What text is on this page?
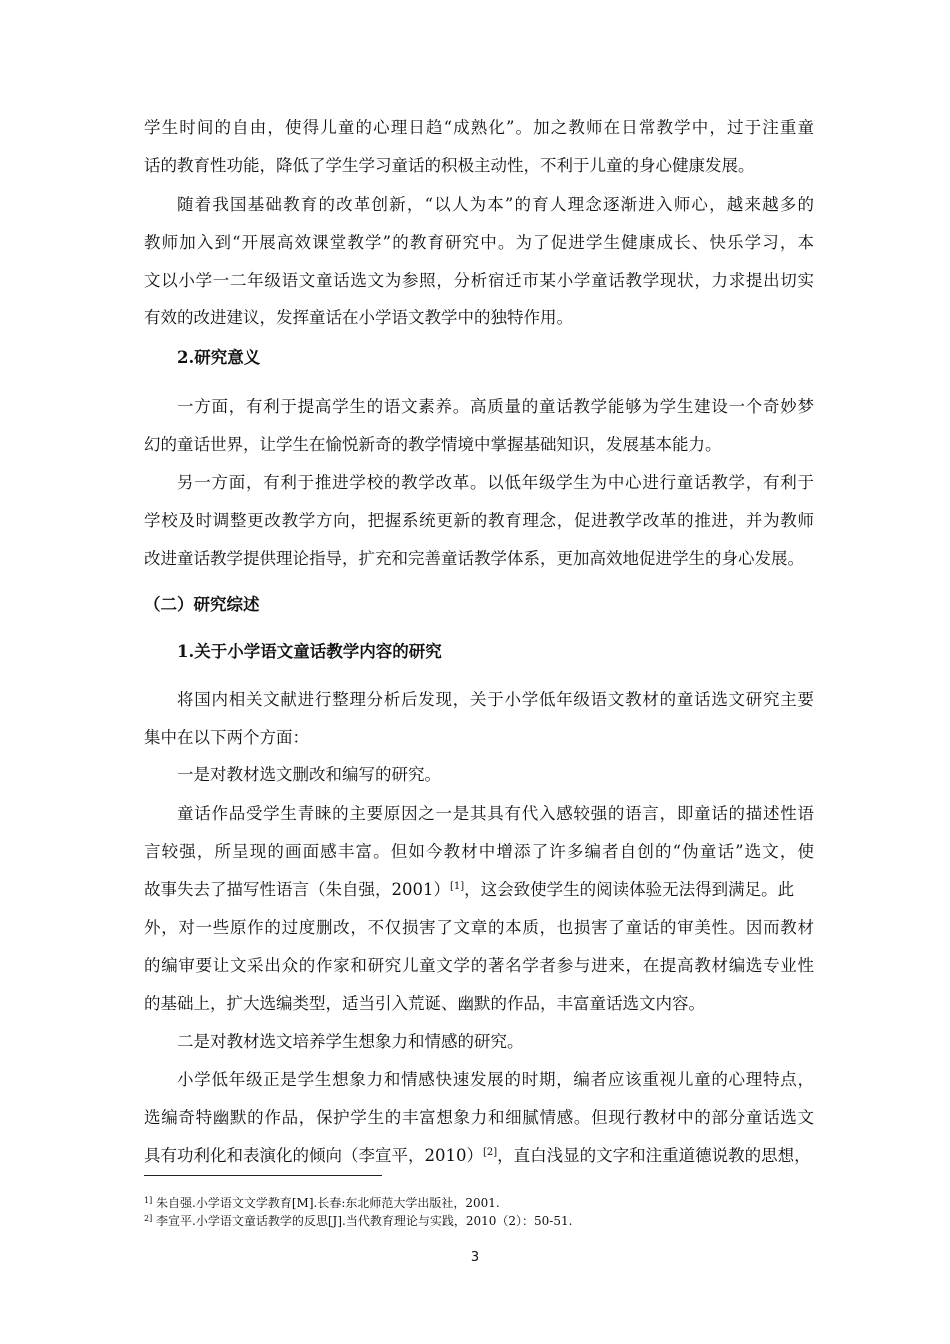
学生时间的自由，使得儿童的心理日趋“成熟化”。加之教师在日常教学中，过于注重童
话的教育性功能，降低了学生学习童话的积极主动性，不利于儿童的身心健康发展。
随着我国基础教育的改革创新，“以人为本”的育人理念逐渐进入师心，越来越多的
教师加入到“开展高效课堂教学”的教育研究中。为了促进学生健康成长、快乐学习，本
文以小学一二年级语文童话选文为参照，分析宿迁市某小学童话教学现状，力求提出切实
有效的改进建议，发挥童话在小学语文教学中的独特作用。
2.研究意义
一方面，有利于提高学生的语文素养。高质量的童话教学能够为学生建设一个奇妙梦
幻的童话世界，让学生在愉悦新奇的教学情境中掌握基础知识，发展基本能力。
另一方面，有利于推进学校的教学改革。以低年级学生为中心进行童话教学，有利于
学校及时调整更改教学方向，把握系统更新的教育理念，促进教学改革的推进，并为教师
改进童话教学提供理论指导，扩充和完善童话教学体系，更加高效地促进学生的身心发展。
（二）研究综述
1.关于小学语文童话教学内容的研究
将国内相关文献进行整理分析后发现，关于小学低年级语文教材的童话选文研究主要
集中在以下两个方面：
一是对教材选文删改和编写的研究。
童话作品受学生青睐的主要原因之一是其具有代入感较强的语言，即童话的描述性语
言较强，所呈现的画面感丰富。但如今教材中增添了许多编者自创的“伪童话”选文，使
故事失去了描写性语言（朱自强，2001）[1]，这会致使学生的阅读体验无法得到满足。此
外，对一些原作的过度删改，不仅损害了文章的本质，也损害了童话的审美性。因而教材
的编审要让文采出众的作家和研究儿童文学的著名学者参与进来，在提高教材编选专业性
的基础上，扩大选编类型，适当引入荒诞、幽默的作品，丰富童话选文内容。
二是对教材选文培养学生想象力和情感的研究。
小学低年级正是学生想象力和情感快速发展的时期，编者应该重视儿童的心理特点，
选编奇特幽默的作品，保护学生的丰富想象力和细腻情感。但现行教材中的部分童话选文
具有功利化和表演化的倾向（李宣平，2010）[2]，直白浅显的文字和注重道德说教的思想，
$^{1]}$ 朱自强.小学语文文学教育[M].长春:东北师范大学出版社，2001.
$^{2]}$ 李宣平.小学语文童话教学的反思[J].当代教育理论与实践，2010（2）：50-51.
3
